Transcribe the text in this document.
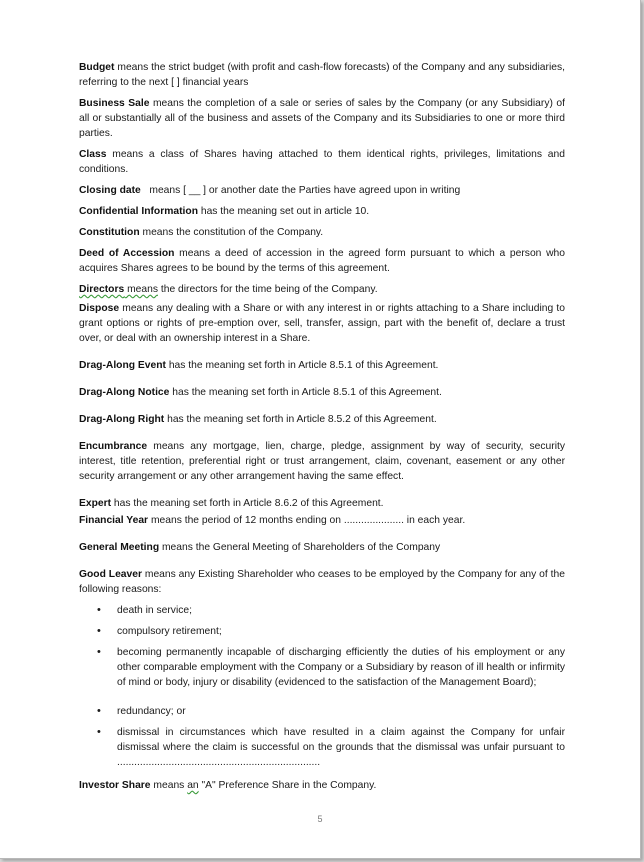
Budget means the strict budget (with profit and cash-flow forecasts) of the Company and any subsidiaries, referring to the next [ ] financial years

Business Sale means the completion of a sale or series of sales by the Company (or any Subsidiary) of all or substantially all of the business and assets of the Company and its Subsidiaries to one or more third parties.

Class means a class of Shares having attached to them identical rights, privileges, limitations and conditions.

Closing date   means [ __ ] or another date the Parties have agreed upon in writing

Confidential Information has the meaning set out in article 10.

Constitution means the constitution of the Company.

Deed of Accession means a deed of accession in the agreed form pursuant to which a person who acquires Shares agrees to be bound by the terms of this agreement.

Directors means the directors for the time being of the Company.

Dispose means any dealing with a Share or with any interest in or rights attaching to a Share including to grant options or rights of pre-emption over, sell, transfer, assign, part with the benefit of, declare a trust over, or deal with an ownership interest in a Share.

Drag-Along Event has the meaning set forth in Article 8.5.1 of this Agreement.

Drag-Along Notice has the meaning set forth in Article 8.5.1 of this Agreement.

Drag-Along Right has the meaning set forth in Article 8.5.2 of this Agreement.

Encumbrance means any mortgage, lien, charge, pledge, assignment by way of security, security interest, title retention, preferential right or trust arrangement, claim, covenant, easement or any other security arrangement or any other arrangement having the same effect.

Expert has the meaning set forth in Article 8.6.2 of this Agreement.

Financial Year means the period of 12 months ending on ..................... in each year.

General Meeting means the General Meeting of Shareholders of the Company

Good Leaver means any Existing Shareholder who ceases to be employed by the Company for any of the following reasons:

• death in service;
• compulsory retirement;
• becoming permanently incapable of discharging efficiently the duties of his employment or any other comparable employment with the Company or a Subsidiary by reason of ill health or infirmity of mind or body, injury or disability (evidenced to the satisfaction of the Management Board);
• redundancy; or
• dismissal in circumstances which have resulted in a claim against the Company for unfair dismissal where the claim is successful on the grounds that the dismissal was unfair pursuant to .......................................................................

Investor Share means an "A" Preference Share in the Company.

5
